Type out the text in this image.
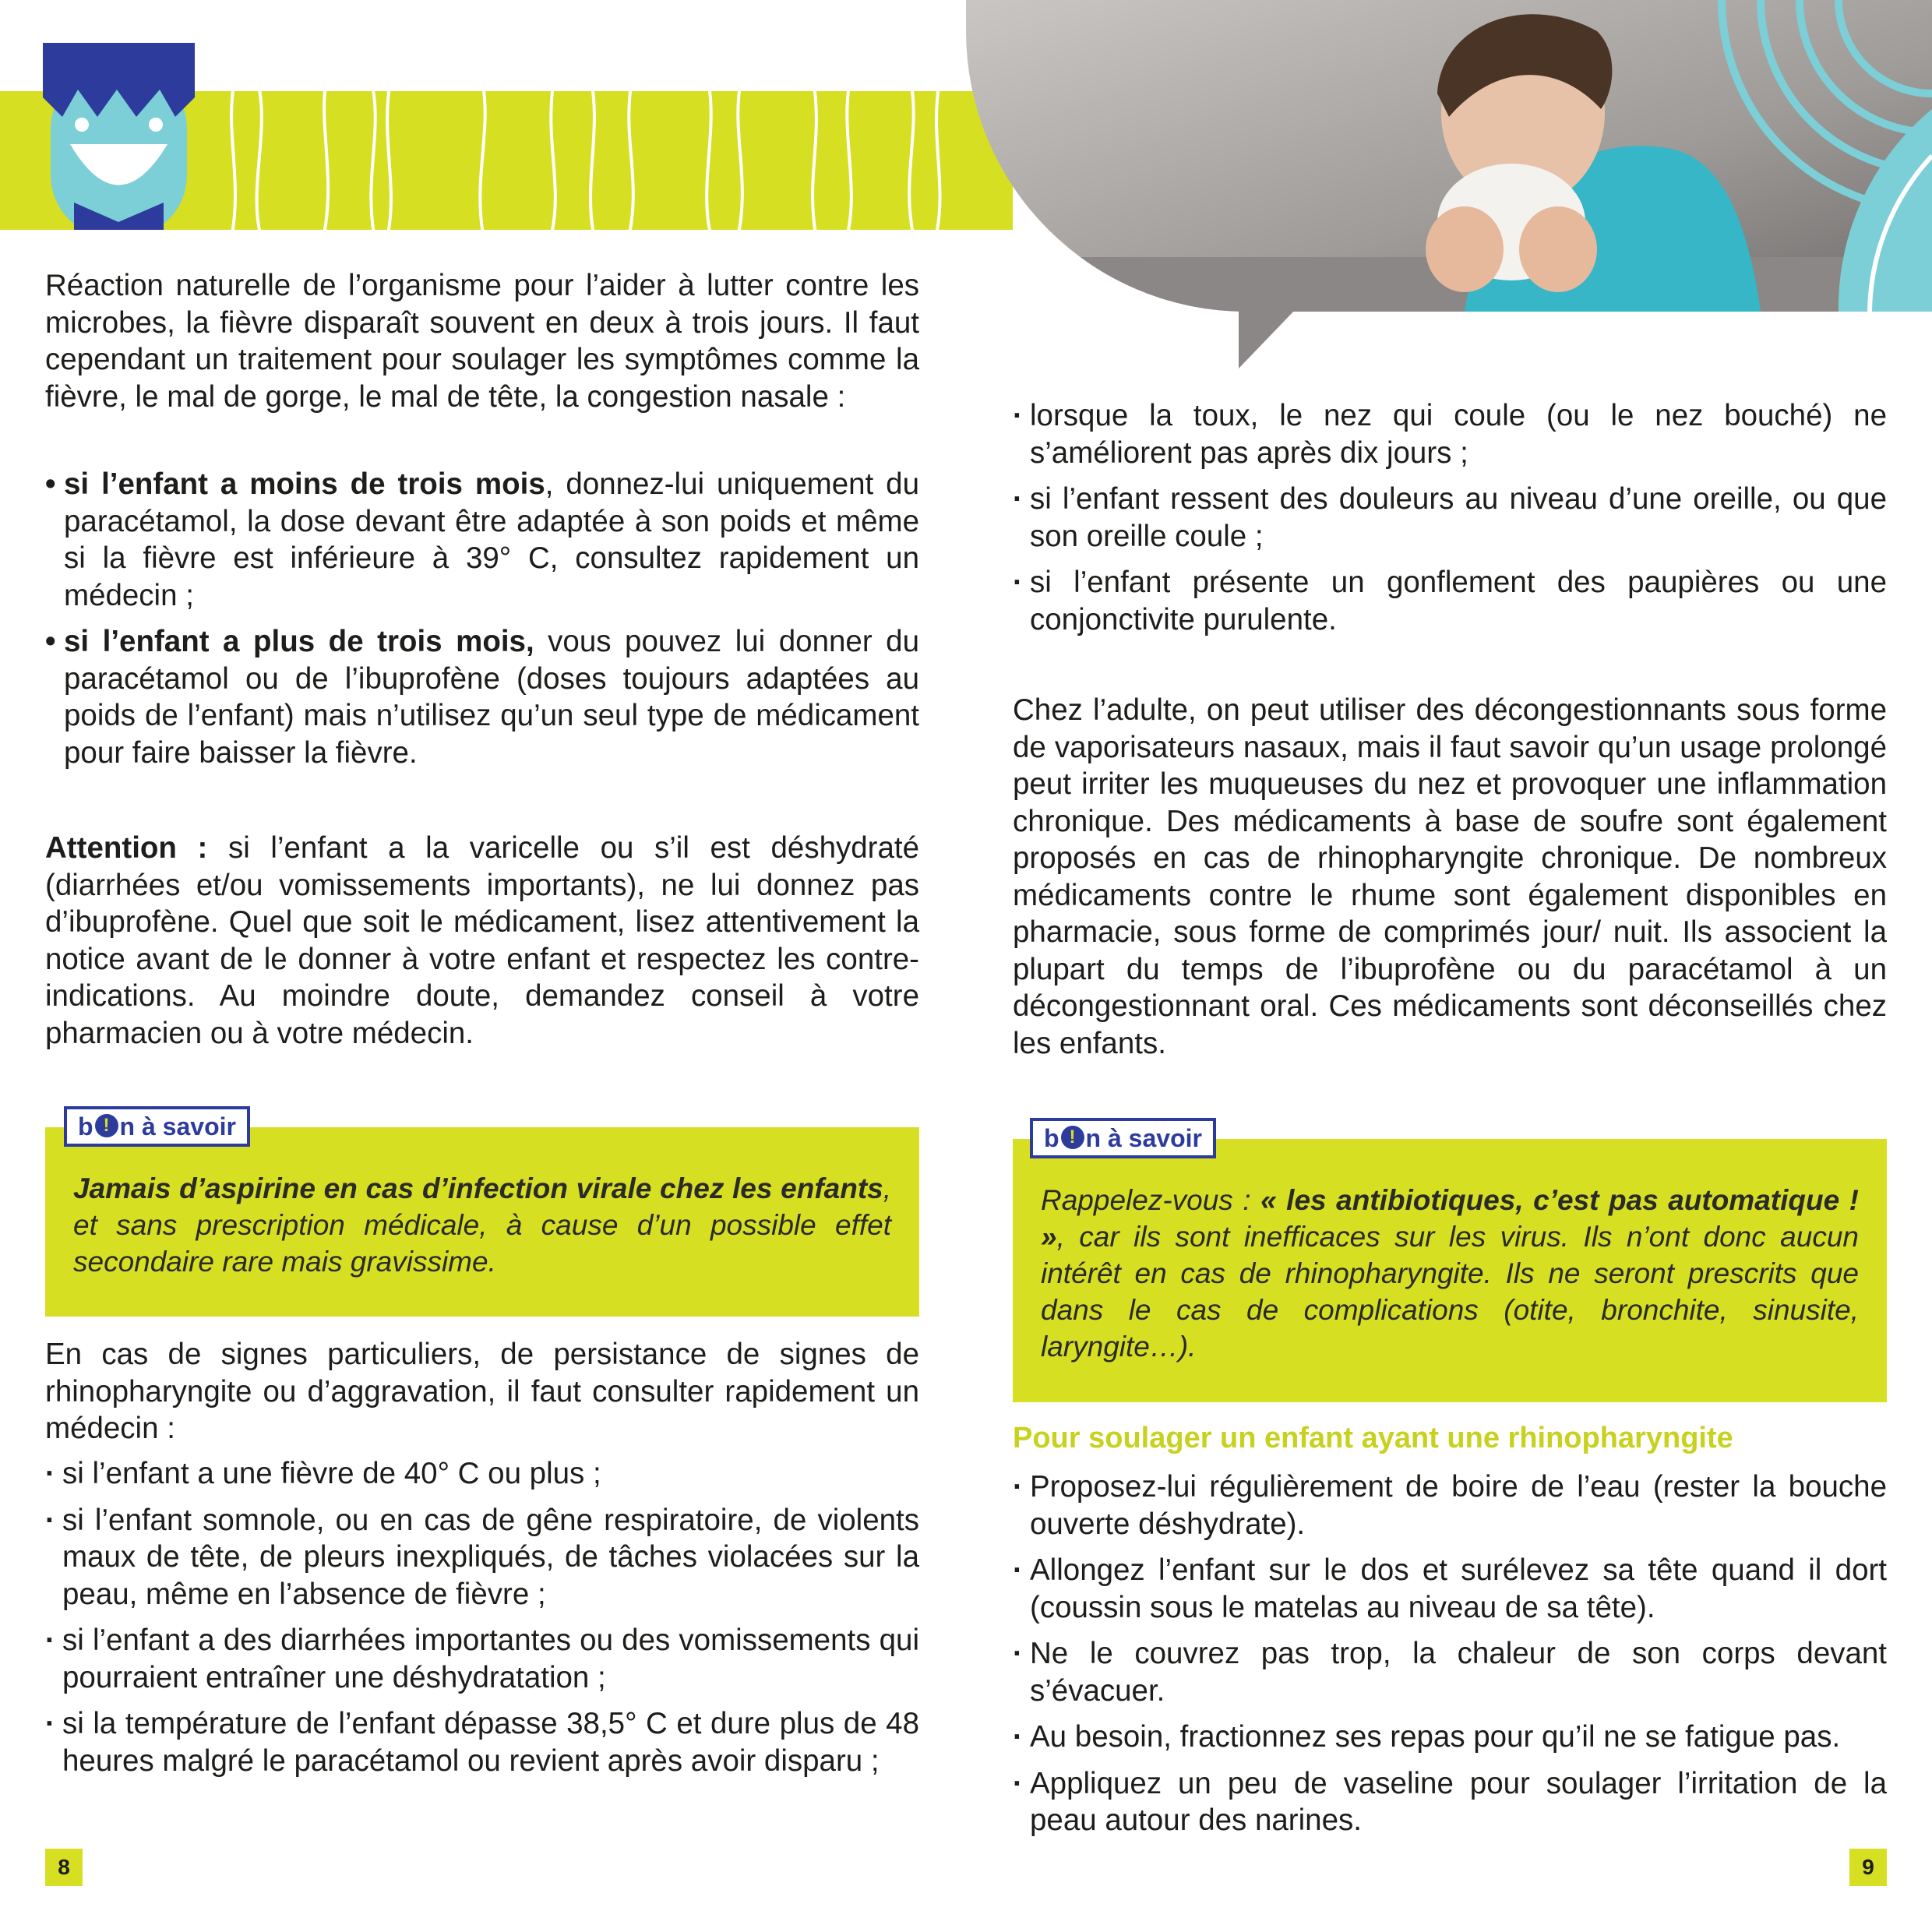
Réaction naturelle de l’organisme pour l’aider à lutter contre les microbes, la fièvre disparaît souvent en deux à trois jours. Il faut cependant un traitement pour soulager les symptômes comme la fièvre, le mal de gorge, le mal de tête, la congestion nasale :

• si l’enfant a moins de trois mois, donnez-lui uniquement du paracétamol, la dose devant être adaptée à son poids et même si la fièvre est inférieure à 39° C, consultez rapidement un médecin ;
• si l’enfant a plus de trois mois, vous pouvez lui donner du paracétamol ou de l’ibuprofène (doses toujours adaptées au poids de l’enfant) mais n’utilisez qu’un seul type de médicament pour faire baisser la fièvre.

Attention : si l’enfant a la varicelle ou s’il est déshydraté (diarrhées et/ou vomissements importants), ne lui donnez pas d’ibuprofène. Quel que soit le médicament, lisez attentivement la notice avant de le donner à votre enfant et respectez les contre-indications. Au moindre doute, demandez conseil à votre pharmacien ou à votre médecin.

Jamais d’aspirine en cas d’infection virale chez les enfants, et sans prescription médicale, à cause d’un possible effet secondaire rare mais gravissime.

b ! n à savoir

En cas de signes particuliers, de persistance de signes de rhinopharyngite ou d’aggravation, il faut consulter rapidement un médecin :

· si l’enfant a une fièvre de 40° C ou plus ;
· si l’enfant somnole, ou en cas de gêne respiratoire, de violents maux de tête, de pleurs inexpliqués, de tâches violacées sur la peau, même en l’absence de fièvre ;
· si l’enfant a des diarrhées importantes ou des vomissements qui pourraient entraîner une déshydratation ;
· si la température de l’enfant dépasse 38,5° C et dure plus de 48 heures malgré le paracétamol ou revient après avoir disparu ;
8
· lorsque la toux, le nez qui coule (ou le nez bouché) ne s’améliorent pas après dix jours ;
· si l’enfant ressent des douleurs au niveau d’une oreille, ou que son oreille coule ;
· si l’enfant présente un gonflement des paupières ou une conjonctivite purulente.

Chez l’adulte, on peut utiliser des décongestionnants sous forme de vaporisateurs nasaux, mais il faut savoir qu’un usage prolongé peut irriter les muqueuses du nez et provoquer une inflammation chronique. Des médicaments à base de soufre sont également proposés en cas de rhinopharyngite chronique. De nombreux médicaments contre le rhume sont également disponibles en pharmacie, sous forme de comprimés jour/ nuit. Ils associent la plupart du temps de l’ibuprofène ou du paracétamol à un décongestionnant oral. Ces médicaments sont déconseillés chez les enfants.

Rappelez-vous : « les antibiotiques, c’est pas automatique ! », car ils sont inefficaces sur les virus. Ils n’ont donc aucun intérêt en cas de rhinopharyngite. Ils ne seront prescrits que dans le cas de complications (otite, bronchite, sinusite, laryngite…).

b ! n à savoir
Pour soulager un enfant ayant une rhinopharyngite
· Proposez-lui régulièrement de boire de l’eau (rester la bouche ouverte déshydrate).
· Allongez l’enfant sur le dos et surélevez sa tête quand il dort (coussin sous le matelas au niveau de sa tête).
· Ne le couvrez pas trop, la chaleur de son corps devant s’évacuer.
· Au besoin, fractionnez ses repas pour qu’il ne se fatigue pas.
· Appliquez un peu de vaseline pour soulager l’irritation de la peau autour des narines.
9
